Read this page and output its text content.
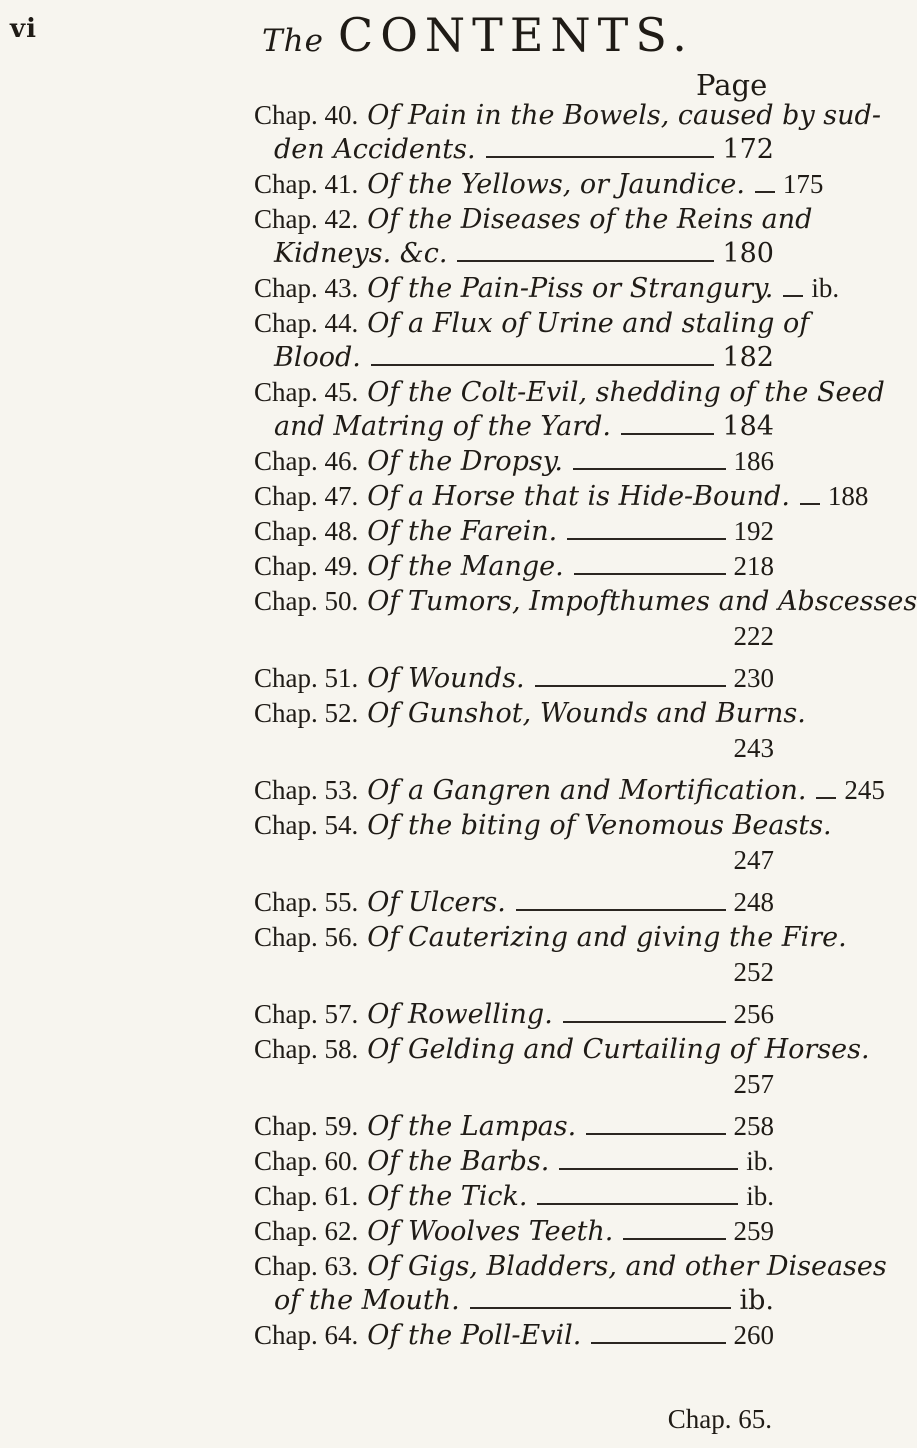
vi	The CONTENTS.
Page
Chap. 40. Of Pain in the Bowels, caused by sud-
den Accidents.	172
Chap. 41. Of the Yellows, or Jaundice. 175
Chap. 42. Of the Diseases of the Reins and
Kidneys. &c.	180
Chap. 43. Of the Pain-Piss or Strangury. ib.
Chap. 44. Of a Flux of Urine and staling of
Blood.	182
Chap. 45. Of the Colt-Evil, shedding of the Seed
and Matring of the Yard.	184
Chap. 46. Of the Dropsy.	186
Chap. 47. Of a Horse that is Hide-Bound. 188
Chap. 48. Of the Farein.	192
Chap. 49. Of the Mange.	218
Chap. 50. Of Tumors, Impofthumes and Abscesses
222
Chap. 51. Of Wounds.	230
Chap. 52. Of Gunshot, Wounds and Burns.
243
Chap. 53. Of a Gangren and Mortification. 245
Chap. 54. Of the biting of Venomous Beasts.
247
Chap. 55. Of Ulcers.	248
Chap. 56. Of Cauterizing and giving the Fire.
252
Chap. 57. Of Rowelling.	256
Chap. 58. Of Gelding and Curtailing of Horses.
257
Chap. 59. Of the Lampas.	258
Chap. 60. Of the Barbs.	ib.
Chap. 61. Of the Tick.	ib.
Chap. 62. Of Woolves Teeth.	259
Chap. 63. Of Gigs, Bladders, and other Diseases
of the Mouth.	ib.
Chap. 64. Of the Poll-Evil.	260
Chap. 65.
